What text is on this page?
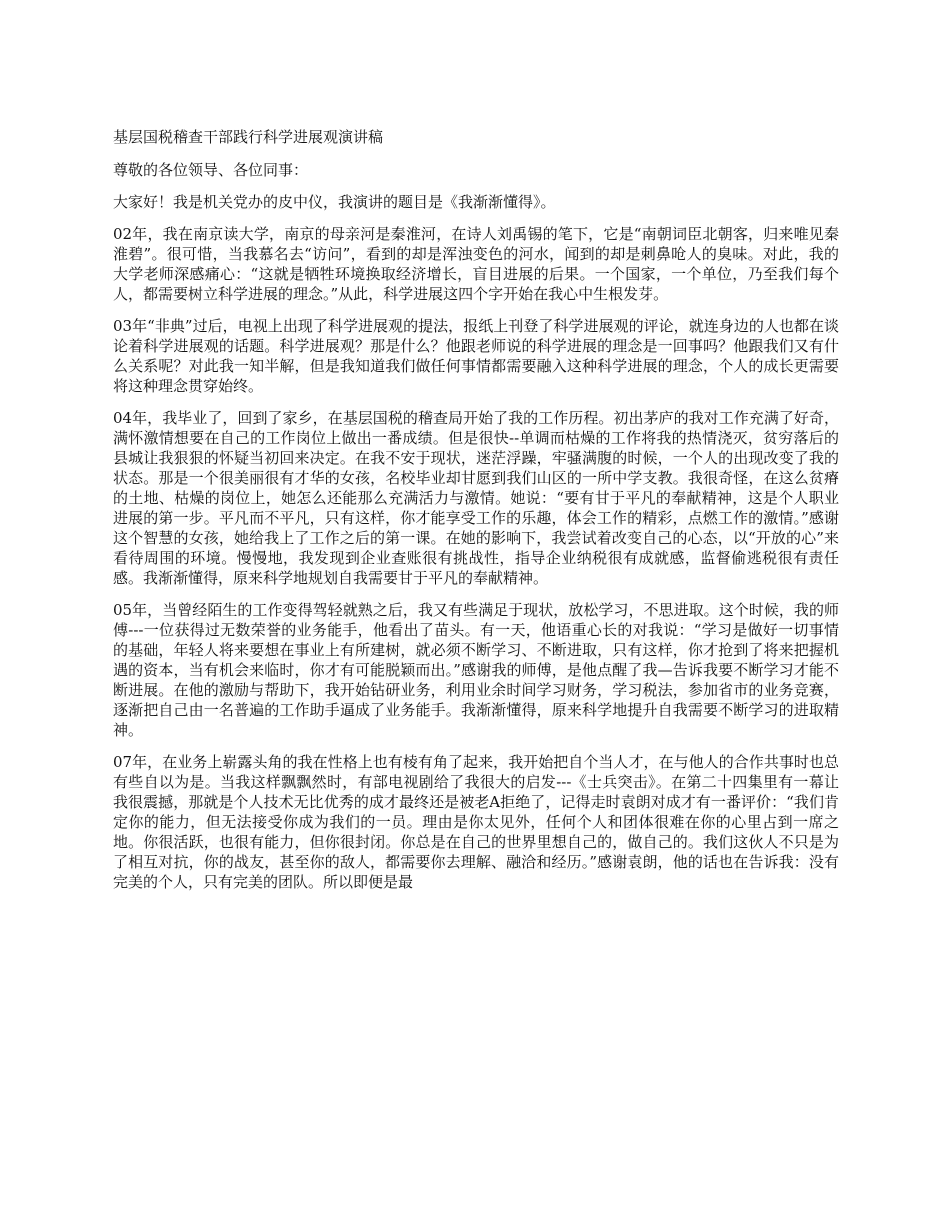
基层国税稽查干部践行科学进展观演讲稿

尊敬的各位领导、各位同事：

大家好！我是机关党办的皮中仪，我演讲的题目是《我渐渐懂得》。

02年，我在南京读大学，南京的母亲河是秦淮河，在诗人刘禹锡的笔下，它是“南朝词臣北朝客，归来唯见秦淮碧”。很可惜，当我慕名去“访问”，看到的却是浑浊变色的河水，闻到的却是刺鼻呛人的臭味。对此，我的大学老师深感痛心：“这就是牺牲环境换取经济增长，盲目进展的后果。一个国家，一个单位，乃至我们每个人，都需要树立科学进展的理念。”从此，科学进展这四个字开始在我心中生根发芽。

03年“非典”过后，电视上出现了科学进展观的提法，报纸上刊登了科学进展观的评论，就连身边的人也都在谈论着科学进展观的话题。科学进展观？那是什么？他跟老师说的科学进展的理念是一回事吗？他跟我们又有什么关系呢？对此我一知半解，但是我知道我们做任何事情都需要融入这种科学进展的理念，个人的成长更需要将这种理念贯穿始终。

04年，我毕业了，回到了家乡，在基层国税的稽查局开始了我的工作历程。初出茅庐的我对工作充满了好奇，满怀激情想要在自己的工作岗位上做出一番成绩。但是很快--单调而枯燥的工作将我的热情浇灭，贫穷落后的县城让我狠狠的怀疑当初回来决定。在我不安于现状，迷茫浮躁，牢骚满腹的时候，一个人的出现改变了我的状态。那是一个很美丽很有才华的女孩，名校毕业却甘愿到我们山区的一所中学支教。我很奇怪，在这么贫瘠的土地、枯燥的岗位上，她怎么还能那么充满活力与激情。她说：“要有甘于平凡的奉献精神，这是个人职业进展的第一步。平凡而不平凡，只有这样，你才能享受工作的乐趣，体会工作的精彩，点燃工作的激情。”感谢这个智慧的女孩，她给我上了工作之后的第一课。在她的影响下，我尝试着改变自己的心态，以“开放的心”来看待周围的环境。慢慢地，我发现到企业查账很有挑战性，指导企业纳税很有成就感，监督偷逃税很有责任感。我渐渐懂得，原来科学地规划自我需要甘于平凡的奉献精神。

05年，当曾经陌生的工作变得驾轻就熟之后，我又有些满足于现状，放松学习，不思进取。这个时候，我的师傅---一位获得过无数荣誉的业务能手，他看出了苗头。有一天，他语重心长的对我说：“学习是做好一切事情的基础，年轻人将来要想在事业上有所建树，就必须不断学习、不断进取，只有这样，你才抢到了将来把握机遇的资本，当有机会来临时，你才有可能脱颖而出。”感谢我的师傅，是他点醒了我—告诉我要不断学习才能不断进展。在他的激励与帮助下，我开始钻研业务，利用业余时间学习财务，学习税法，参加省市的业务竞赛，逐渐把自己由一名普遍的工作助手逼成了业务能手。我渐渐懂得，原来科学地提升自我需要不断学习的进取精神。

07年，在业务上崭露头角的我在性格上也有棱有角了起来，我开始把自个当人才，在与他人的合作共事时也总有些自以为是。当我这样飘飘然时，有部电视剧给了我很大的启发---《士兵突击》。在第二十四集里有一幕让我很震撼，那就是个人技术无比优秀的成才最终还是被老A拒绝了，记得走时袁朗对成才有一番评价：“我们肯定你的能力，但无法接受你成为我们的一员。理由是你太见外，任何个人和团体很难在你的心里占到一席之地。你很活跃，也很有能力，但你很封闭。你总是在自己的世界里想自己的，做自己的。我们这伙人不只是为了相互对抗，你的战友，甚至你的敌人，都需要你去理解、融洽和经历。”感谢袁朗，他的话也在告诉我：没有完美的个人，只有完美的团队。所以即便是最
